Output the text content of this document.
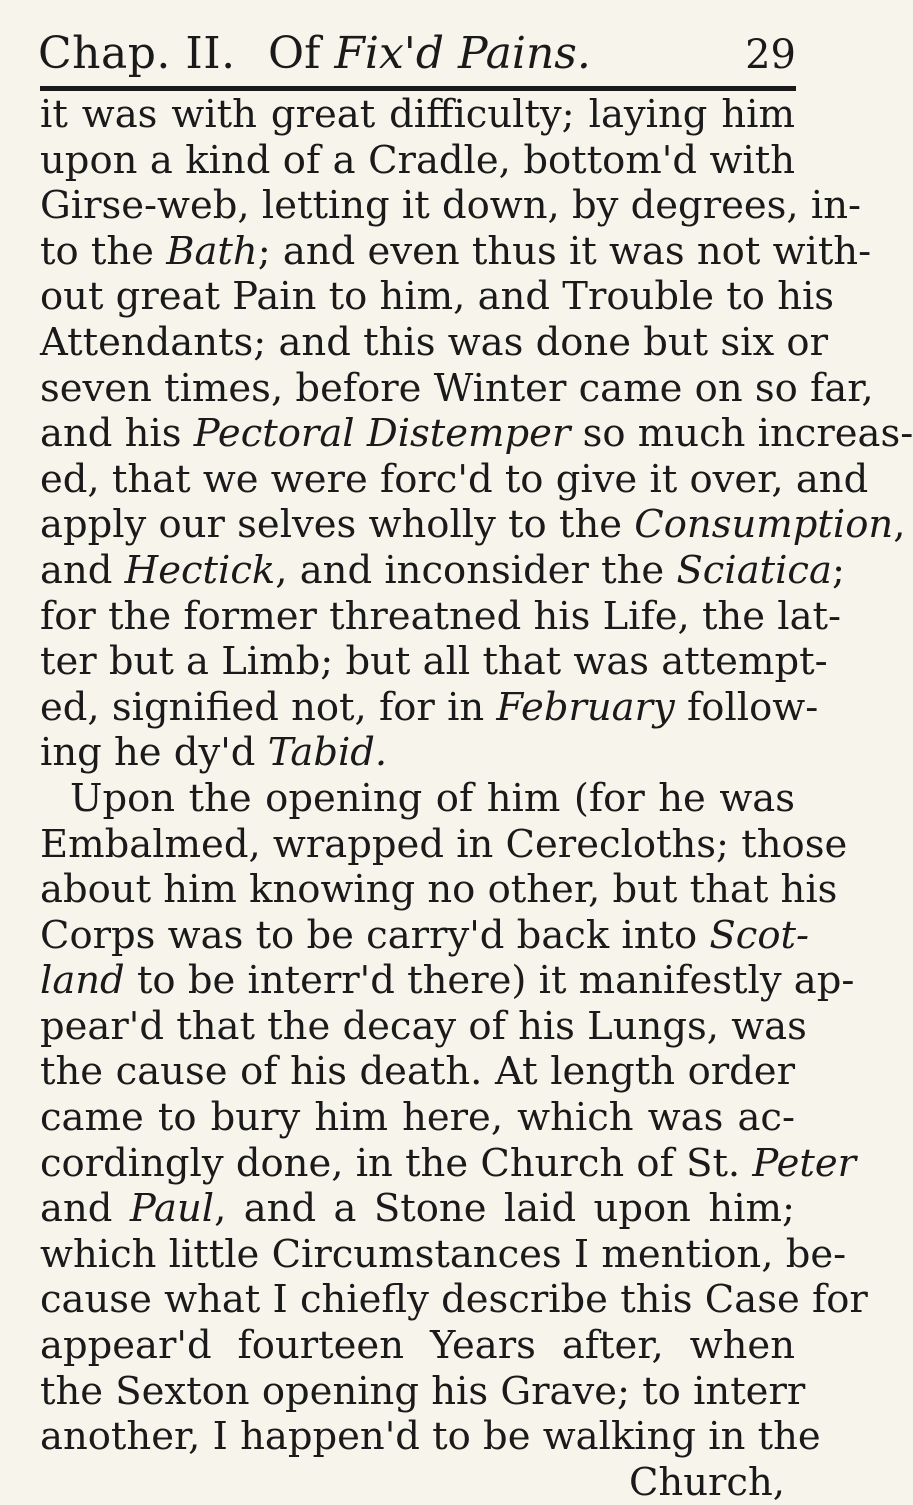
Chap. II. Of Fix'd Pains.	29
it was with great difficulty; laying him
upon a kind of a Cradle, bottom'd with
Girse-web, letting it down, by degrees, in-
to the Bath; and even thus it was not with-
out great Pain to him, and Trouble to his
Attendants; and this was done but six or
seven times, before Winter came on so far,
and his Pectoral Distemper so much increas-
ed, that we were forc'd to give it over, and
apply our selves wholly to the Consumption,
and Hectick, and inconsider the Sciatica;
for the former threatned his Life, the lat-
ter but a Limb; but all that was attempt-
ed, signified not, for in February follow-
ing he dy'd Tabid.
Upon the opening of him (for he was
Embalmed, wrapped in Cerecloths; those
about him knowing no other, but that his
Corps was to be carry'd back into Scot-
land to be interr'd there) it manifestly ap-
pear'd that the decay of his Lungs, was
the cause of his death. At length order
came to bury him here, which was ac-
cordingly done, in the Church of St. Peter
and Paul, and a Stone laid upon him;
which little Circumstances I mention, be-
cause what I chiefly describe this Case for
appear'd fourteen Years after, when
the Sexton opening his Grave; to interr
another, I happen'd to be walking in the
Church,
